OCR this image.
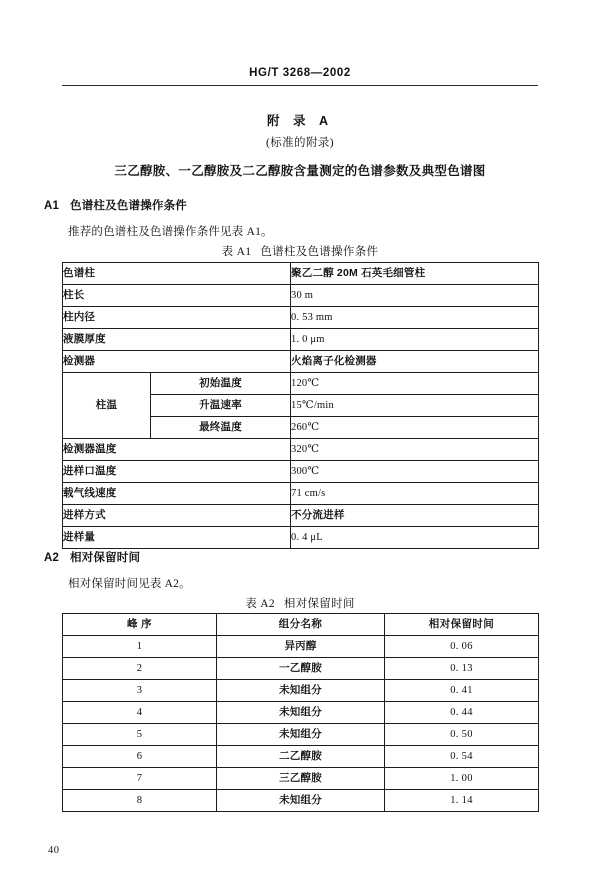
HG/T 3268—2002
附 录 A
(标准的附录)
三乙醇胺、一乙醇胺及二乙醇胺含量测定的色谱参数及典型色谱图
A1 色谱柱及色谱操作条件
推荐的色谱柱及色谱操作条件见表 A1。
表 A1 色谱柱及色谱操作条件
色谱柱		聚乙二醇 20M 石英毛细管柱
柱长		30 m
柱内径		0. 53 mm
液膜厚度		1. 0 μm
检测器		火焰离子化检测器
柱温	初始温度	120℃
	升温速率	15℃/min
	最终温度	260℃
检测器温度		320℃
进样口温度		300℃
载气线速度		71 cm/s
进样方式		不分流进样
进样量		0. 4 μL
A2 相对保留时间
相对保留时间见表 A2。
表 A2 相对保留时间
峰 序	组分名称	相对保留时间
1	异丙醇	0. 06
2	一乙醇胺	0. 13
3	未知组分	0. 41
4	未知组分	0. 44
5	未知组分	0. 50
6	二乙醇胺	0. 54
7	三乙醇胺	1. 00
8	未知组分	1. 14
40
